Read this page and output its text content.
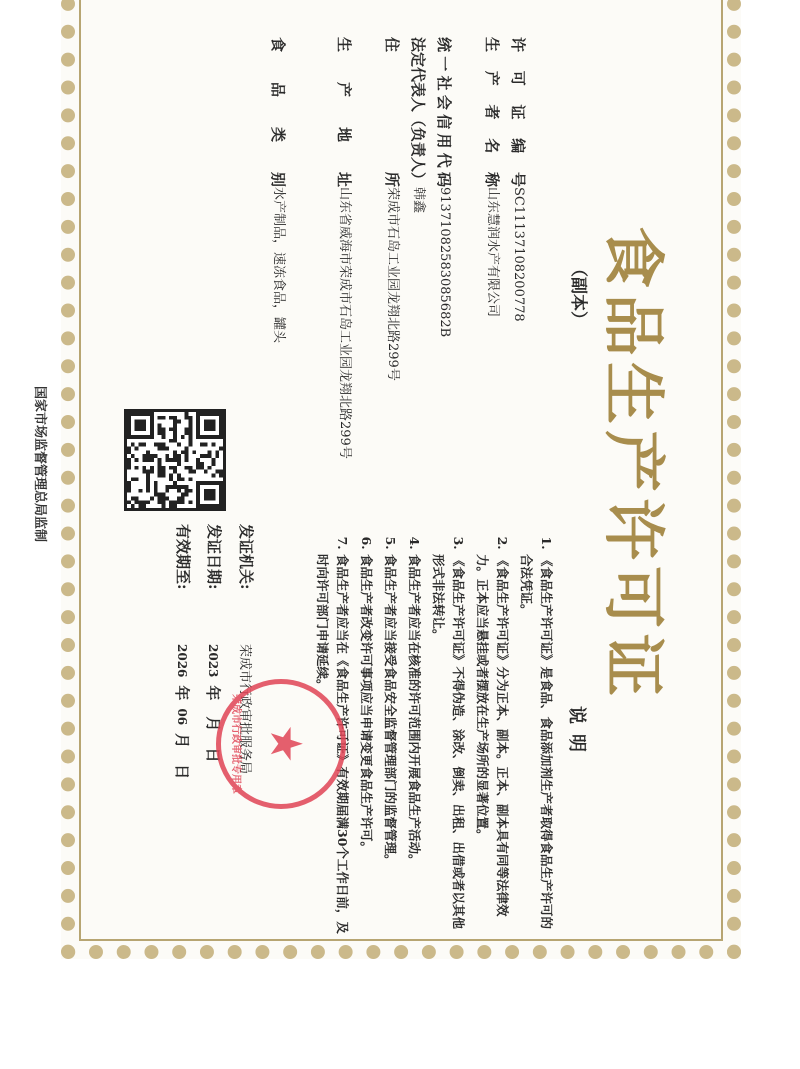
食品生产许可证
（副本）
许可证编号
SC11137108200778
生产者名称
山东慧润水产有限公司
统一社会信用代码
91371082583085682B
法定代表人（负责人）
韩鑫
住所
荣成市石岛工业园龙翔北路299号
生产地址
山东省威海市荣成市石岛工业园龙翔北路299号
食品类别
水产制品，速冻食品，罐头
说明
1. 《食品生产许可证》是食品、食品添加剂生产者取得食品生产许可的合法凭证。
2. 《食品生产许可证》分为正本、副本。正本、副本具有同等法律效力。正本应当悬挂或者摆放在生产场所的显著位置。
3. 《食品生产许可证》不得伪造、涂改、倒卖、出租、出借或者以其他形式非法转让。
4. 食品生产者应当在核准的许可范围内开展食品生产活动。
5. 食品生产者应当接受食品安全监督管理部门的监督管理。
6. 食品生产者改变许可事项应当申请变更食品生产许可。
7. 食品生产者应当在《食品生产许可证》有效期届满30个工作日前，及时向许可部门申请延续。
发证机关:
荣成市行政审批服务局
发证日期:
2023
年
月
日
有效期至:
2026
年
06
月
日
★
荣成市行政审批专用章
国家市场监督管理总局监制
